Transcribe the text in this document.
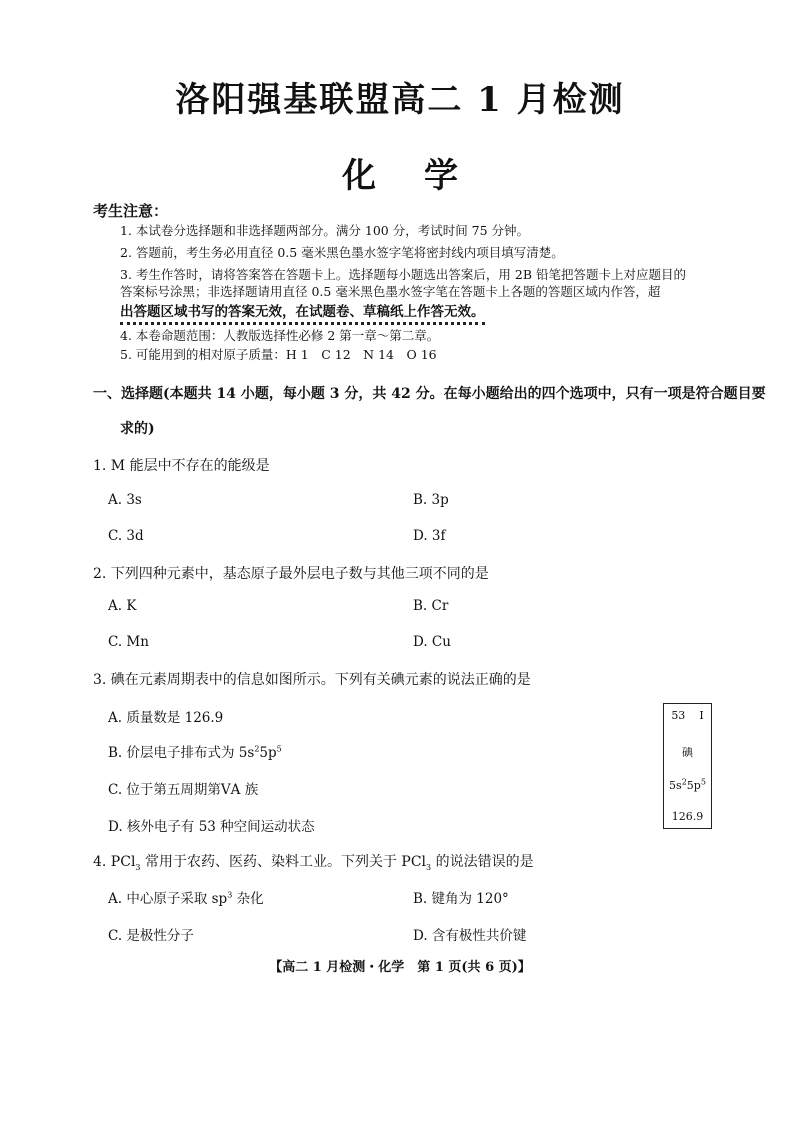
洛阳强基联盟高二 1 月检测
化学
考生注意：
1. 本试卷分选择题和非选择题两部分。满分 100 分，考试时间 75 分钟。
2. 答题前，考生务必用直径 0.5 毫米黑色墨水签字笔将密封线内项目填写清楚。
3. 考生作答时，请将答案答在答题卡上。选择题每小题选出答案后，用 2B 铅笔把答题卡上对应题目的
答案标号涂黑；非选择题请用直径 0.5 毫米黑色墨水签字笔在答题卡上各题的答题区域内作答，超
出答题区域书写的答案无效，在试题卷、草稿纸上作答无效。
4. 本卷命题范围：人教版选择性必修 2 第一章～第二章。
5. 可能用到的相对原子质量：H 1　C 12　N 14　O 16
一、选择题(本题共 14 小题，每小题 3 分，共 42 分。在每小题给出的四个选项中，只有一项是符合题目要
求的)
1. M 能层中不存在的能级是
A. 3s	B. 3p
C. 3d	D. 3f
2. 下列四种元素中，基态原子最外层电子数与其他三项不同的是
A. K	B. Cr
C. Mn	D. Cu
3. 碘在元素周期表中的信息如图所示。下列有关碘元素的说法正确的是
A. 质量数是 126.9
B. 价层电子排布式为 $5s^25p^5$
C. 位于第五周期第ⅤA 族
D. 核外电子有 53 种空间运动状态
53 I
碘
$5s^25p^5$
126.9
4. PCl$_3$ 常用于农药、医药、染料工业。下列关于 PCl$_3$ 的说法错误的是
A. 中心原子采取 $sp^3$ 杂化	B. 键角为 120°
C. 是极性分子	D. 含有极性共价键
【高二 1 月检测・化学　第 1 页(共 6 页)】
